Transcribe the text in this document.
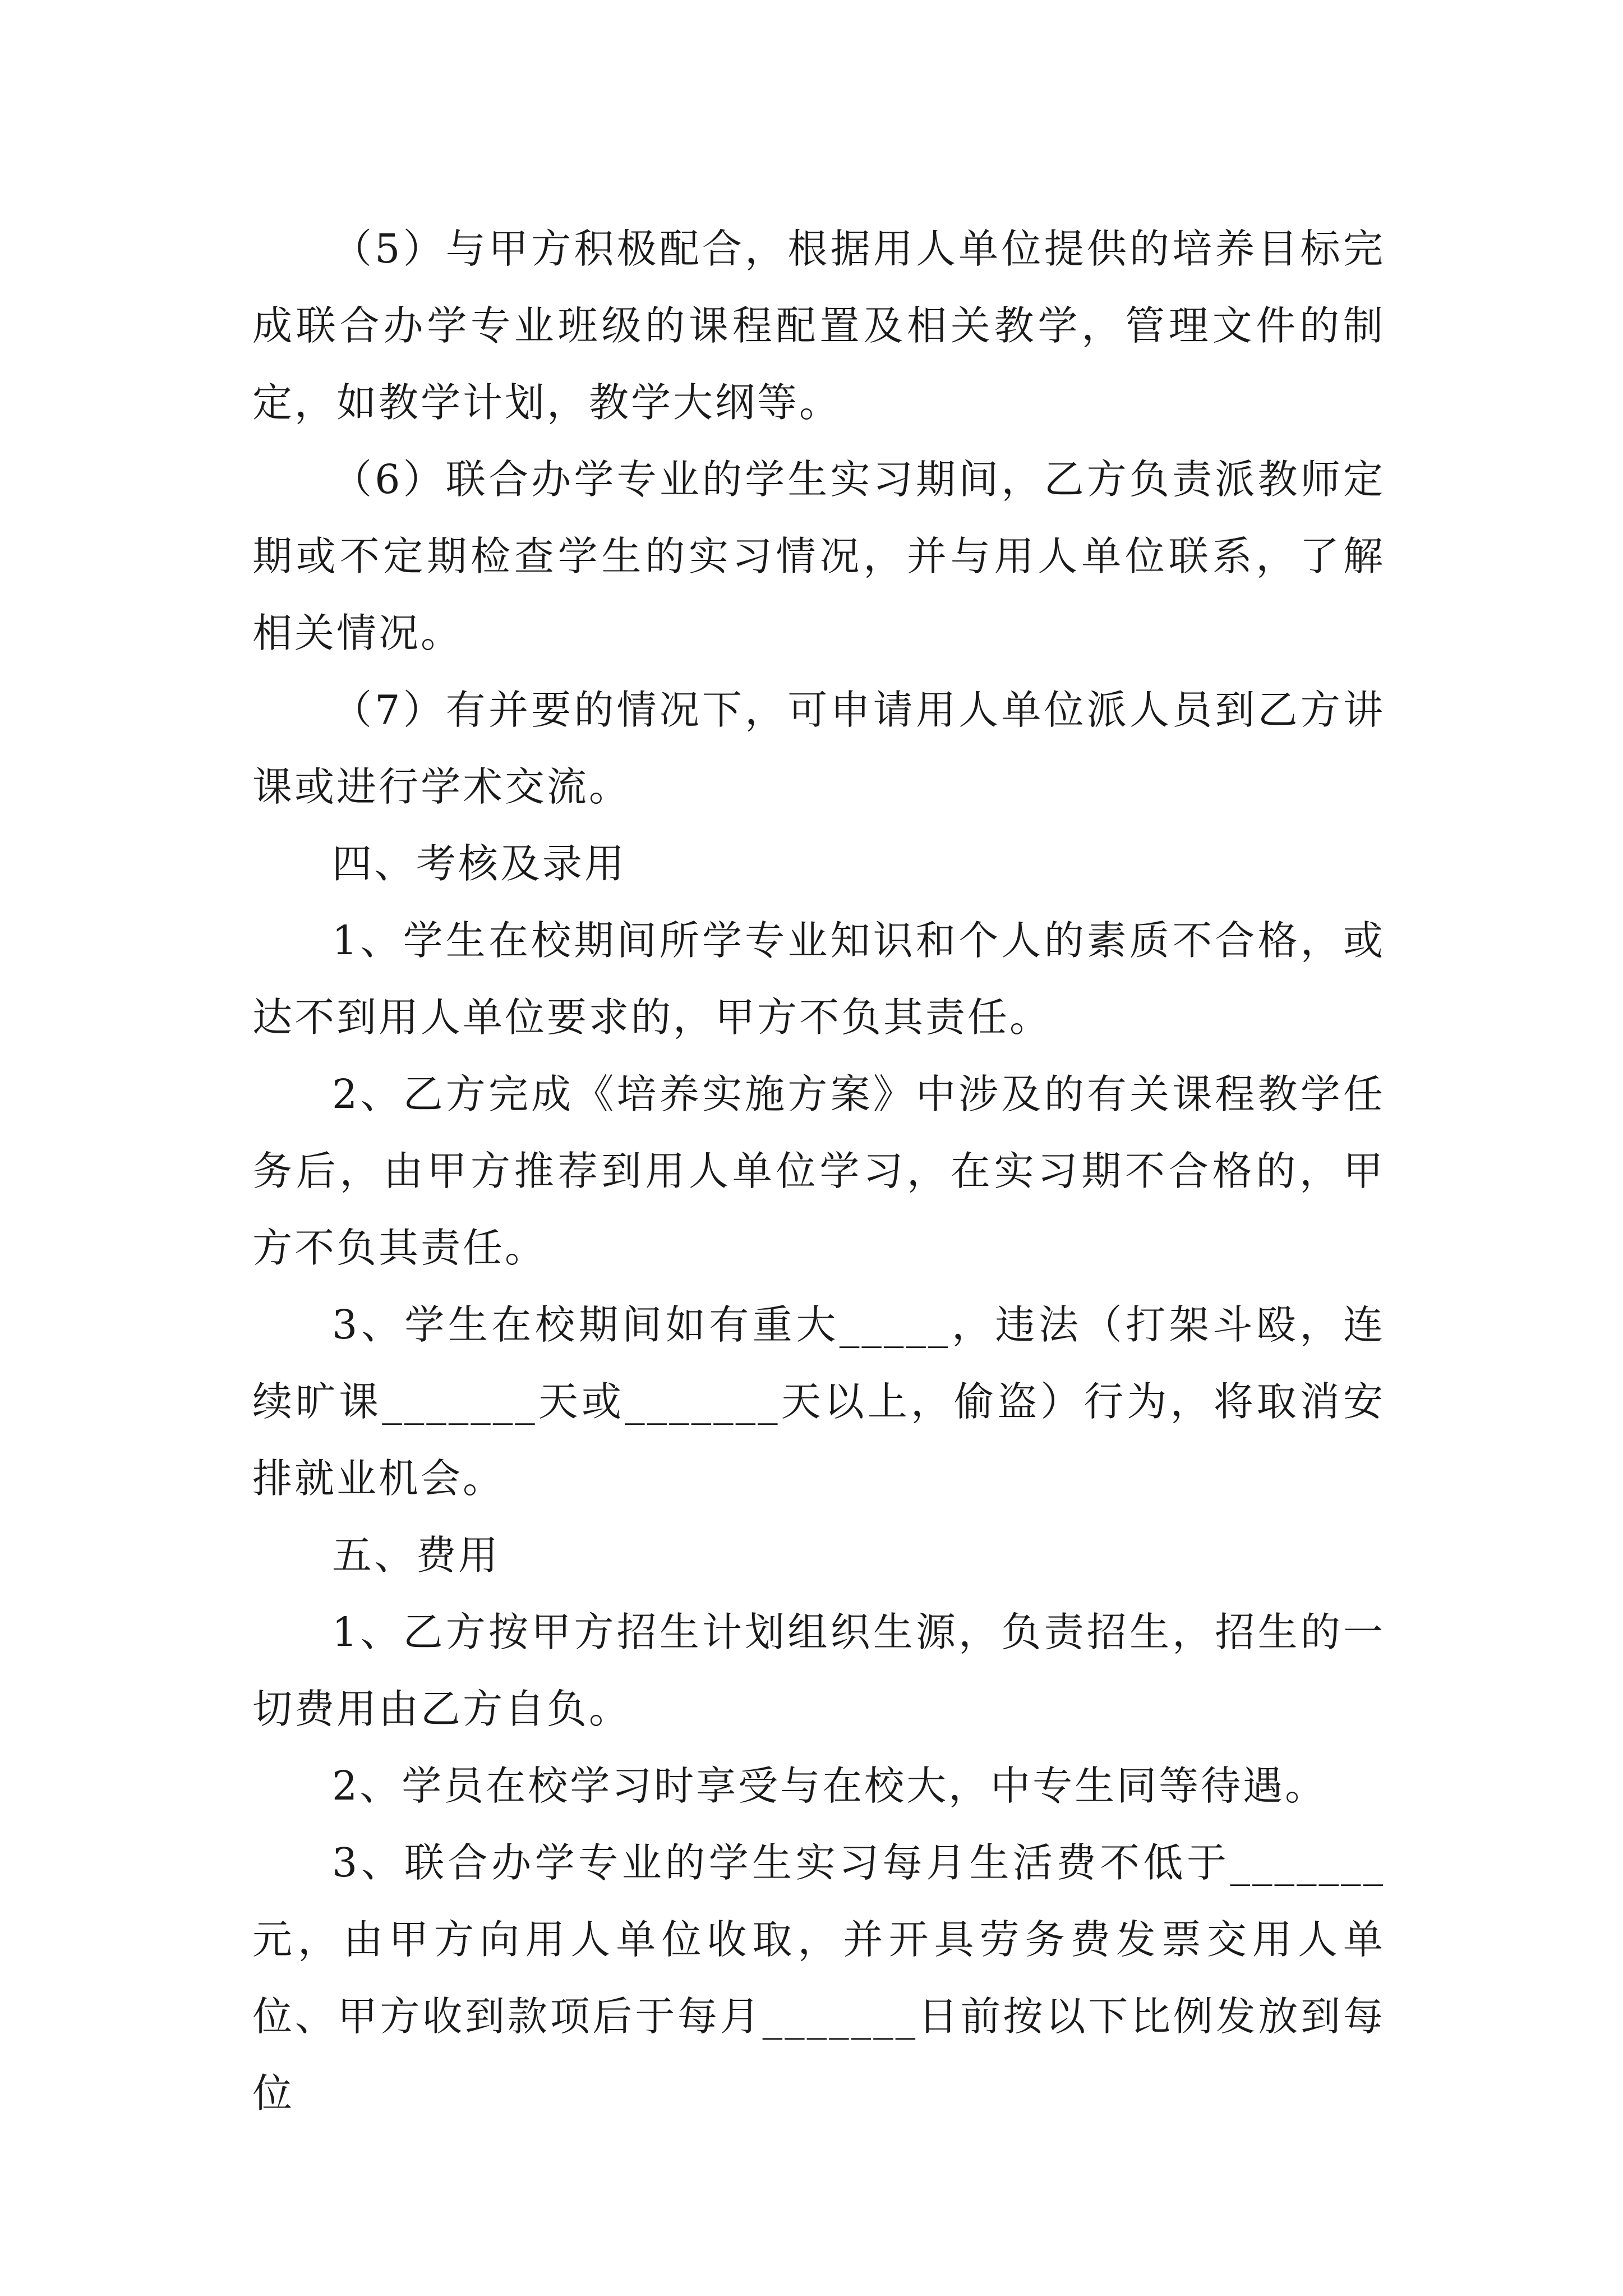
（5）与甲方积极配合，根据用人单位提供的培养目标完成联合办学专业班级的课程配置及相关教学，管理文件的制定，如教学计划，教学大纲等。

（6）联合办学专业的学生实习期间，乙方负责派教师定期或不定期检查学生的实习情况，并与用人单位联系，了解相关情况。

（7）有并要的情况下，可申请用人单位派人员到乙方讲课或进行学术交流。

四、考核及录用

1、学生在校期间所学专业知识和个人的素质不合格，或达不到用人单位要求的，甲方不负其责任。

2、乙方完成《培养实施方案》中涉及的有关课程教学任务后，由甲方推荐到用人单位学习，在实习期不合格的，甲方不负其责任。

3、学生在校期间如有重大_____，违法（打架斗殴，连续旷课_______天或_______天以上，偷盗）行为，将取消安排就业机会。

五、费用

1、乙方按甲方招生计划组织生源，负责招生，招生的一切费用由乙方自负。

2、学员在校学习时享受与在校大，中专生同等待遇。

3、联合办学专业的学生实习每月生活费不低于_______元，由甲方向用人单位收取，并开具劳务费发票交用人单位、甲方收到款项后于每月_______日前按以下比例发放到每位
